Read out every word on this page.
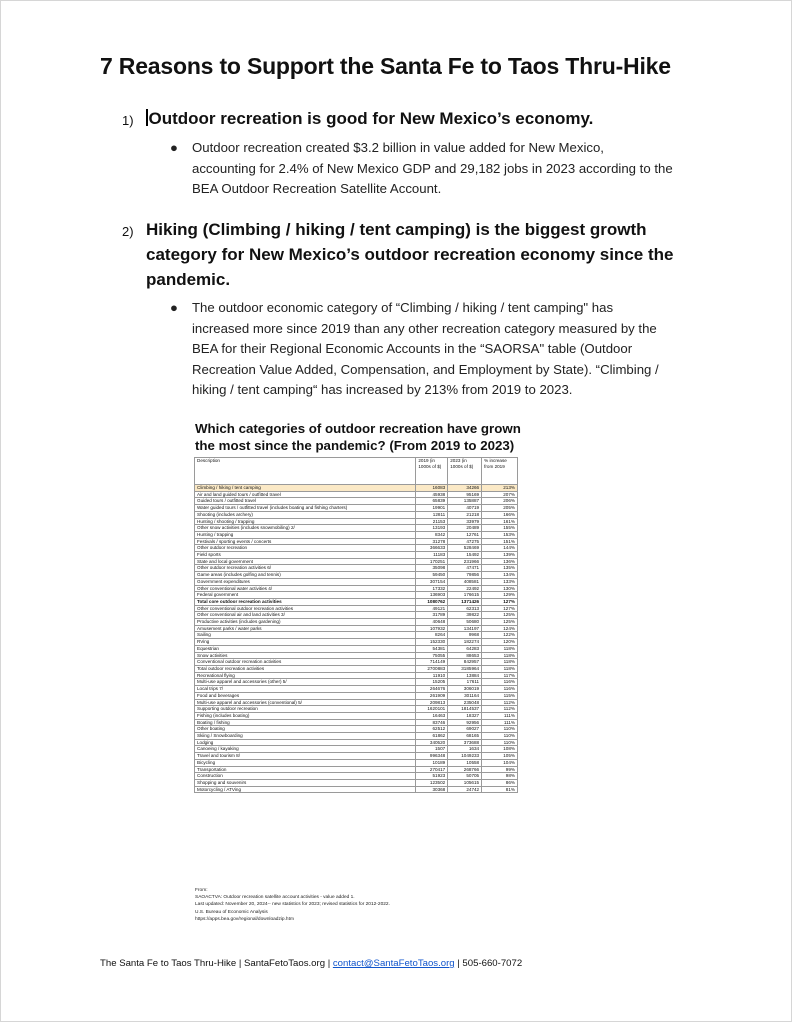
7 Reasons to Support the Santa Fe to Taos Thru-Hike
1) Outdoor recreation is good for New Mexico’s economy.
● Outdoor recreation created $3.2 billion in value added for New Mexico,
accounting for 2.4% of New Mexico GDP and 29,182 jobs in 2023 according to the
BEA Outdoor Recreation Satellite Account.
2) Hiking (Climbing / hiking / tent camping) is the biggest growth
category for New Mexico’s outdoor recreation economy since the
pandemic.
● The outdoor economic category of “Climbing / hiking / tent camping" has
increased more since 2019 than any other recreation category measured by the
BEA for their Regional Economic Accounts in the “SAORSA" table (Outdoor
Recreation Value Added, Compensation, and Employment by State). “Climbing /
hiking / tent camping“ has increased by 213% from 2019 to 2023.
Which categories of outdoor recreation have grown
the most since the pandemic? (From 2019 to 2023)
Description	2019 (in 1000s of $)	2023 (in 1000s of $)	% increase from 2019
Climbing / hiking / tent camping	16083	34266	213%
Air and land guided tours / outfitted travel	45938	95169	207%
Guided tours / outfitted travel	65839	135887	206%
Water guided tours / outfitted travel (includes boating and fishing charters)	19901	40719	205%
Shooting (includes archery)	12811	21218	166%
Hunting / shooting / trapping	21153	33979	161%
Other snow activities (includes snowmobiling) 2/	13193	20489	155%
Hunting / trapping	8342	12761	153%
Festivals / sporting events / concerts	31278	47275	151%
Other outdoor recreation	366633	528469	144%
Field sports	11183	15492	139%
State and local government	170251	231966	136%
Other outdoor recreation activities 6/	35098	47471	135%
Game areas (includes golfing and tennis)	59450	79856	134%
Government expenditures	307154	408581	133%
Other conventional water activities 4/	17332	22492	130%
Federal government	136903	176615	129%
Total core outdoor recreation activities	1080762	1371426	127%
Other conventional outdoor recreation activities	49121	62313	127%
Other conventional air and land activities 3/	31789	39822	125%
Productive activities (includes gardening)	40648	50680	125%
Amusement parks / water parks	107932	134197	124%
Sailing	8264	9968	122%
RVing	152330	182274	120%
Equestrian	54381	64283	118%
Snow activities	75055	88653	118%
Conventional outdoor recreation activities	714149	842957	118%
Total outdoor recreation activities	2700883	3185964	118%
Recreational flying	11910	13884	117%
Multi-use apparel and accessories (other) 5/	15205	17611	116%
Local trips 7/	264676	306019	116%
Food and beverages	261909	301164	115%
Multi-use apparel and accessories (conventional) 5/	209813	235048	112%
Supporting outdoor recreation	1620101	1814537	112%
Fishing (includes boating)	16463	18327	111%
Boating / fishing	83746	92956	111%
Other boating	62512	69027	110%
Skiing / Snowboarding	61862	68165	110%
Lodging	340520	373688	110%
Canoeing / kayaking	1507	1634	108%
Travel and tourism 8/	996348	1049233	105%
Bicycling	10189	10558	104%
Transportation	270417	268766	99%
Construction	51923	50705	98%
Shopping and souvenirs	123502	105615	86%
Motorcycling / ATVing	30368	24742	81%
From:
SAOACTVA: Outdoor recreation satellite account activities - value added 1.
Last updated: November 20, 2024-- new statistics for 2023; revised statistics for 2012-2022.
U.S. Bureau of Economic Analysis
https://apps.bea.gov/regional/downloadzip.htm
The Santa Fe to Taos Thru-Hike | SantaFetoTaos.org | contact@SantaFetoTaos.org | 505-660-7072
